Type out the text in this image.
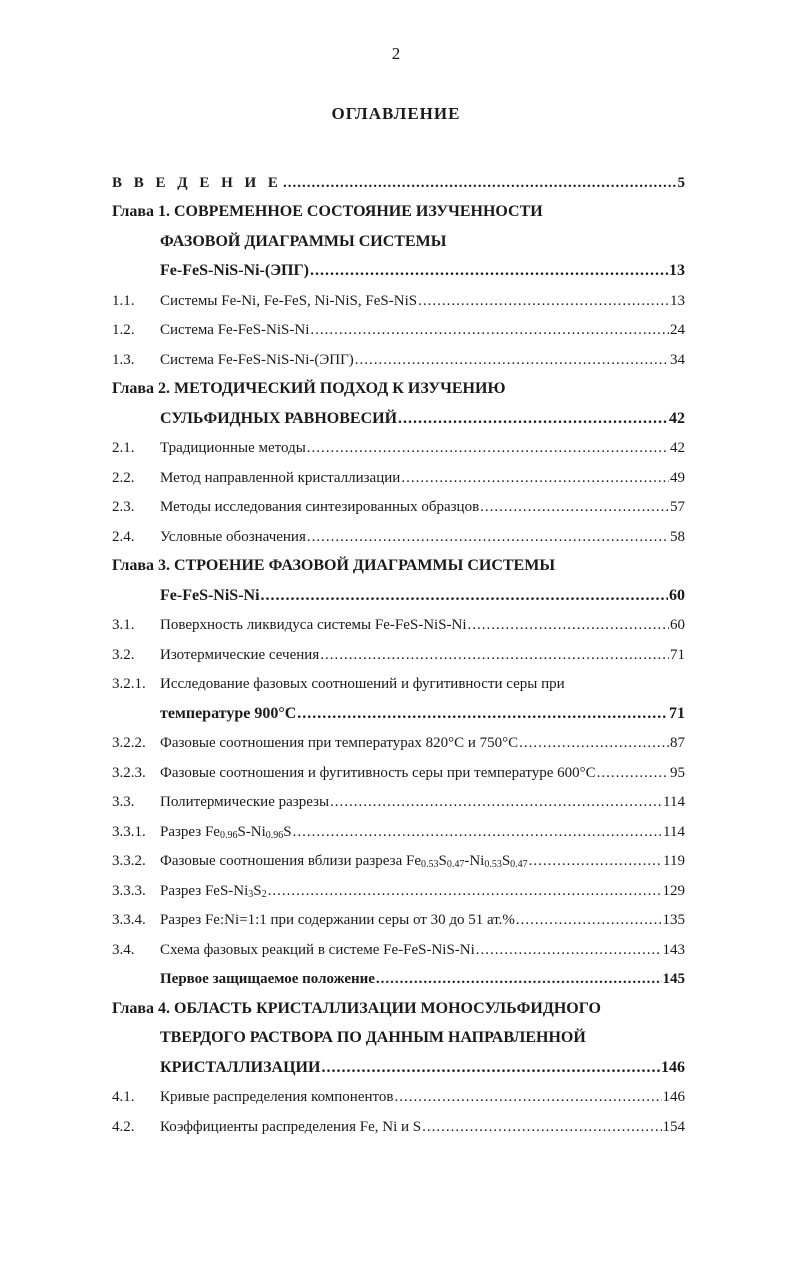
2
ОГЛАВЛЕНИЕ
В В Е Д Е Н И Е .....	5
Глава 1. СОВРЕМЕННОЕ СОСТОЯНИЕ ИЗУЧЕННОСТИ
ФАЗОВОЙ ДИАГРАММЫ СИСТЕМЫ
Fe-FeS-NiS-Ni-(ЭПГ) .....	13
1.1.	Системы Fe-Ni, Fe-FeS, Ni-NiS, FeS-NiS .....	13
1.2.	Система Fe-FeS-NiS-Ni .....	24
1.3.	Система Fe-FeS-NiS-Ni-(ЭПГ) .....	34
Глава 2. МЕТОДИЧЕСКИЙ ПОДХОД К ИЗУЧЕНИЮ
СУЛЬФИДНЫХ РАВНОВЕСИЙ .....	42
2.1.	Традиционные методы .....	42
2.2.	Метод направленной кристаллизации .....	49
2.3.	Методы исследования синтезированных образцов .....	57
2.4.	Условные обозначения .....	58
Глава 3. СТРОЕНИЕ ФАЗОВОЙ ДИАГРАММЫ СИСТЕМЫ
Fe-FeS-NiS-Ni .....	60
3.1.	Поверхность ликвидуса системы Fe-FeS-NiS-Ni .....	60
3.2.	Изотермические сечения .....	71
3.2.1. Исследование фазовых соотношений и фугитивности серы при
температуре 900°С .....	71
3.2.2. Фазовые соотношения при температурах 820°С и 750°С .....	87
3.2.3. Фазовые соотношения и фугитивность серы при температуре 600°С .....	95
3.3.	Политермические разрезы .....	114
3.3.1. Разрез $Fe_{0.96}S-Ni_{0.96}S$ .....	114
3.3.2. Фазовые соотношения вблизи разреза $Fe_{0.53}S_{0.47}-Ni_{0.53}S_{0.47}$ .....	119
3.3.3. Разрез FeS-$Ni_3S_2$ .....	129
3.3.4. Разрез Fe:Ni=1:1 при содержании серы от 30 до 51 ат.% .....	135
3.4.	Схема фазовых реакций в системе Fe-FeS-NiS-Ni .....	143
Первое защищаемое положение .....	145
Глава 4. ОБЛАСТЬ КРИСТАЛЛИЗАЦИИ МОНОСУЛЬФИДНОГО
ТВЕРДОГО РАСТВОРА ПО ДАННЫМ НАПРАВЛЕННОЙ
КРИСТАЛЛИЗАЦИИ .....	146
4.1.	Кривые распределения компонентов .....	146
4.2.	Коэффициенты распределения Fe, Ni и S .....	154
